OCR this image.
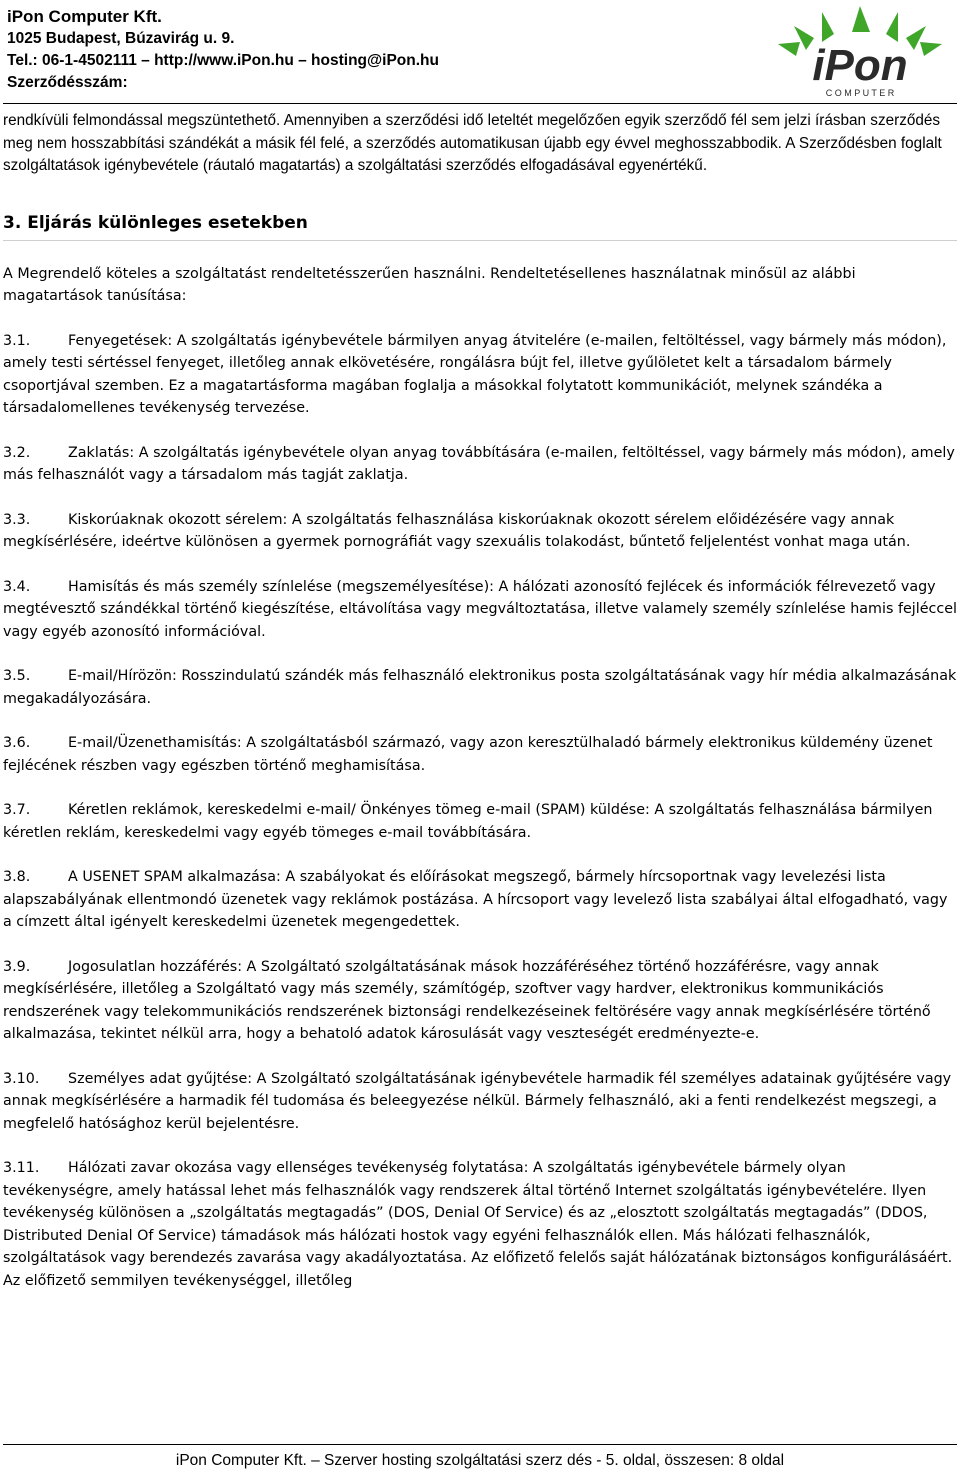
iPon Computer Kft.
1025 Budapest, Búzavirág u. 9.
Tel.: 06-1-4502111 – http://www.iPon.hu – hosting@iPon.hu
Szerződésszám:	iPon
C O M P U T E R

rendkívüli felmondással megszüntethető. Amennyiben a szerződési idő leteltét megelőzően egyik szerződő fél sem jelzi írásban szerződés meg nem hosszabbítási szándékát a másik fél felé, a szerződés automatikusan újabb egy évvel meghosszabbodik. A Szerződésben foglalt szolgáltatások igénybevétele (ráutaló magatartás) a szolgáltatási szerződés elfogadásával egyenértékű.

3. Eljárás különleges esetekben

A Megrendelő köteles a szolgáltatást rendeltetésszerűen használni. Rendeltetésellenes használatnak minősül az alábbi magatartások tanúsítása:

3.1.	Fenyegetések: A szolgáltatás igénybevétele bármilyen anyag átvitelére (e-mailen, feltöltéssel, vagy bármely más módon), amely testi sértéssel fenyeget, illetőleg annak elkövetésére, rongálásra bújt fel, illetve gyűlöletet kelt a társadalom bármely csoportjával szemben. Ez a magatartásforma magában foglalja a másokkal folytatott kommunikációt, melynek szándéka a társadalomellenes tevékenység tervezése.

3.2.	Zaklatás: A szolgáltatás igénybevétele olyan anyag továbbítására (e-mailen, feltöltéssel, vagy bármely más módon), amely más felhasználót vagy a társadalom más tagját zaklatja.

3.3.	Kiskorúaknak okozott sérelem: A szolgáltatás felhasználása kiskorúaknak okozott sérelem előidézésére vagy annak megkísérlésére, ideértve különösen a gyermek pornográfiát vagy szexuális tolakodást, bűntető feljelentést vonhat maga után.

3.4.	Hamisítás és más személy színlelése (megszemélyesítése): A hálózati azonosító fejlécek és információk félrevezető vagy megtévesztő szándékkal történő kiegészítése, eltávolítása vagy megváltoztatása, illetve valamely személy színlelése hamis fejléccel vagy egyéb azonosító információval.

3.5.	E-mail/Hírözön: Rosszindulatú szándék más felhasználó elektronikus posta szolgáltatásának vagy hír média alkalmazásának megakadályozására.

3.6.	E-mail/Üzenethamisítás: A szolgáltatásból származó, vagy azon keresztülhaladó bármely elektronikus küldemény üzenet fejlécének részben vagy egészben történő meghamisítása.

3.7.	Kéretlen reklámok, kereskedelmi e-mail/ Önkényes tömeg e-mail (SPAM) küldése: A szolgáltatás felhasználása bármilyen kéretlen reklám, kereskedelmi vagy egyéb tömeges e-mail továbbítására.

3.8.	A USENET SPAM alkalmazása: A szabályokat és előírásokat megszegő, bármely hírcsoportnak vagy levelezési lista alapszabályának ellentmondó üzenetek vagy reklámok postázása. A hírcsoport vagy levelező lista szabályai által elfogadható, vagy a címzett által igényelt kereskedelmi üzenetek megengedettek.

3.9.	Jogosulatlan hozzáférés: A Szolgáltató szolgáltatásának mások hozzáféréséhez történő hozzáférésre, vagy annak megkísérlésére, illetőleg a Szolgáltató vagy más személy, számítógép, szoftver vagy hardver, elektronikus kommunikációs rendszerének vagy telekommunikációs rendszerének biztonsági rendelkezéseinek feltörésére vagy annak megkísérlésére történő alkalmazása, tekintet nélkül arra, hogy a behatoló adatok károsulását vagy veszteségét eredményezte-e.

3.10. Személyes adat gyűjtése: A Szolgáltató szolgáltatásának igénybevétele harmadik fél személyes adatainak gyűjtésére vagy annak megkísérlésére a harmadik fél tudomása és beleegyezése nélkül. Bármely felhasználó, aki a fenti rendelkezést megszegi, a megfelelő hatósághoz kerül bejelentésre.

3.11. Hálózati zavar okozása vagy ellenséges tevékenység folytatása: A szolgáltatás igénybevétele bármely olyan tevékenységre, amely hatással lehet más felhasználók vagy rendszerek által történő Internet szolgáltatás igénybevételére. Ilyen tevékenység különösen a „szolgáltatás megtagadás” (DOS, Denial Of Service) és az „elosztott szolgáltatás megtagadás” (DDOS, Distributed Denial Of Service) támadások más hálózati hostok vagy egyéni felhasználók ellen. Más hálózati felhasználók, szolgáltatások vagy berendezés zavarása vagy akadályoztatása. Az előfizető felelős saját hálózatának biztonságos konfigurálásáért. Az előfizető semmilyen tevékenységgel, illetőleg

iPon Computer Kft. – Szerver hosting szolgáltatási szerz dés - 5. oldal, összesen: 8 oldal
